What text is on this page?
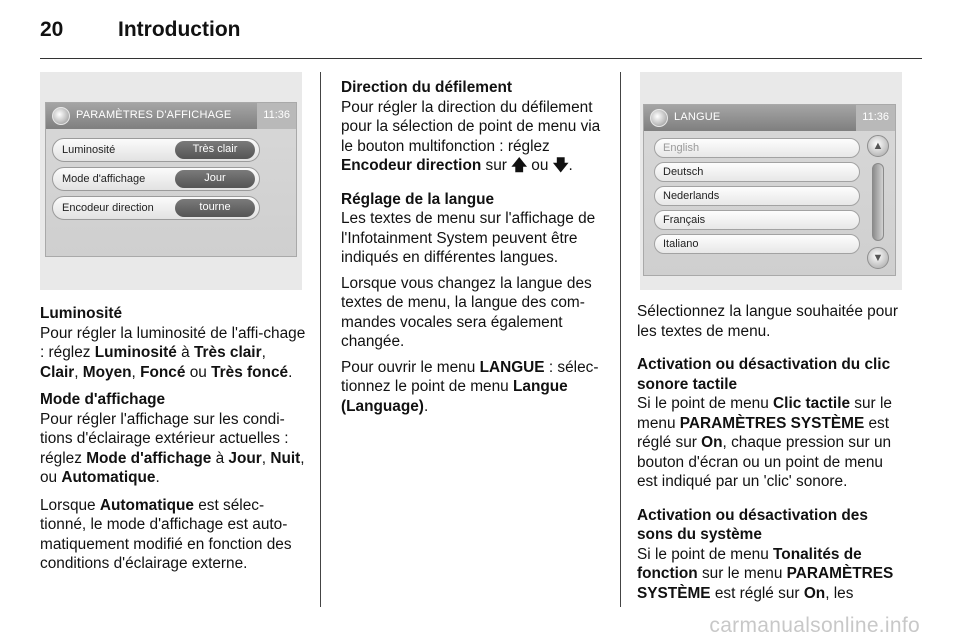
20	Introduction
PARAMÈTRES D'AFFICHAGE	11:36
Luminosité	Très clair
Mode d'affichage	Jour
Encodeur direction	tourne

Luminosité
Pour régler la luminosité de l'affi-chage : réglez Luminosité à Très clair, Clair, Moyen, Foncé ou Très foncé.

Mode d'affichage
Pour régler l'affichage sur les condi-tions d'éclairage extérieur actuelles : réglez Mode d'affichage à Jour, Nuit, ou Automatique.

Lorsque Automatique est sélec-tionné, le mode d'affichage est auto-matiquement modifié en fonction des conditions d'éclairage externe.

Direction du défilement
Pour régler la direction du défilement pour la sélection de point de menu via le bouton multifonction : réglez Encodeur direction sur 🡅 ou 🡇.

Réglage de la langue
Les textes de menu sur l'affichage de l'Infotainment System peuvent être indiqués en différentes langues.

Lorsque vous changez la langue des textes de menu, la langue des com-mandes vocales sera également changée.

Pour ouvrir le menu LANGUE : sélec-tionnez le point de menu Langue (Language).

LANGUE	11:36
English
Deutsch
Nederlands
Français
Italiano
▲
▼

Sélectionnez la langue souhaitée pour les textes de menu.

Activation ou désactivation du clic sonore tactile
Si le point de menu Clic tactile sur le menu PARAMÈTRES SYSTÈME est réglé sur On, chaque pression sur un bouton d'écran ou un point de menu est indiqué par un 'clic' sonore.

Activation ou désactivation des sons du système
Si le point de menu Tonalités de fonction sur le menu PARAMÈTRES SYSTÈME est réglé sur On, les

carmanualsonline.info
